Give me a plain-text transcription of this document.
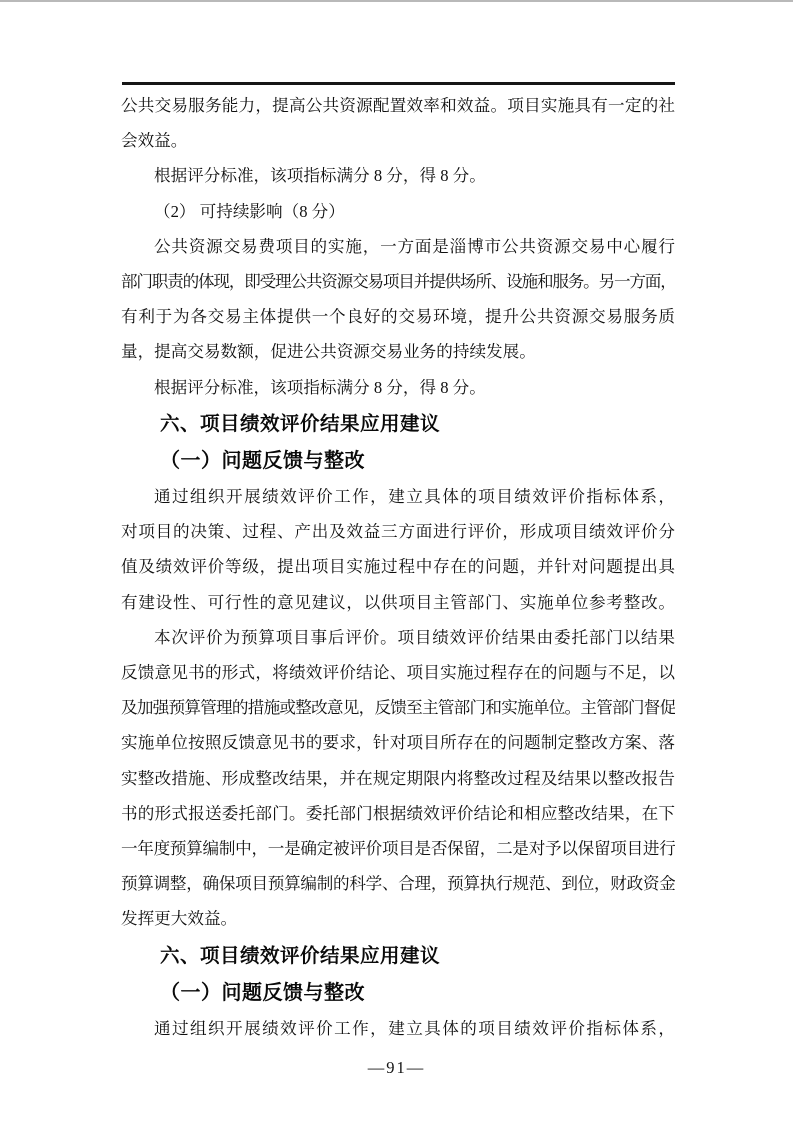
公共交易服务能力，提高公共资源配置效率和效益。项目实施具有一定的社
会效益。
根据评分标准，该项指标满分 8 分，得 8 分。
（2） 可持续影响（8 分）
公共资源交易费项目的实施，一方面是淄博市公共资源交易中心履行
部门职责的体现，即受理公共资源交易项目并提供场所、设施和服务。另一方面，
有利于为各交易主体提供一个良好的交易环境，提升公共资源交易服务质
量，提高交易数额，促进公共资源交易业务的持续发展。
根据评分标准，该项指标满分 8 分，得 8 分。
六、项目绩效评价结果应用建议
（一）问题反馈与整改
通过组织开展绩效评价工作，建立具体的项目绩效评价指标体系，
对项目的决策、过程、产出及效益三方面进行评价，形成项目绩效评价分
值及绩效评价等级，提出项目实施过程中存在的问题，并针对问题提出具
有建设性、可行性的意见建议，以供项目主管部门、实施单位参考整改。
本次评价为预算项目事后评价。项目绩效评价结果由委托部门以结果
反馈意见书的形式，将绩效评价结论、项目实施过程存在的问题与不足，以
及加强预算管理的措施或整改意见，反馈至主管部门和实施单位。主管部门督促
实施单位按照反馈意见书的要求，针对项目所存在的问题制定整改方案、落
实整改措施、形成整改结果，并在规定期限内将整改过程及结果以整改报告
书的形式报送委托部门。委托部门根据绩效评价结论和相应整改结果，在下
一年度预算编制中，一是确定被评价项目是否保留，二是对予以保留项目进行
预算调整，确保项目预算编制的科学、合理，预算执行规范、到位，财政资金
发挥更大效益。
六、项目绩效评价结果应用建议
（一）问题反馈与整改
通过组织开展绩效评价工作，建立具体的项目绩效评价指标体系，
—91—
